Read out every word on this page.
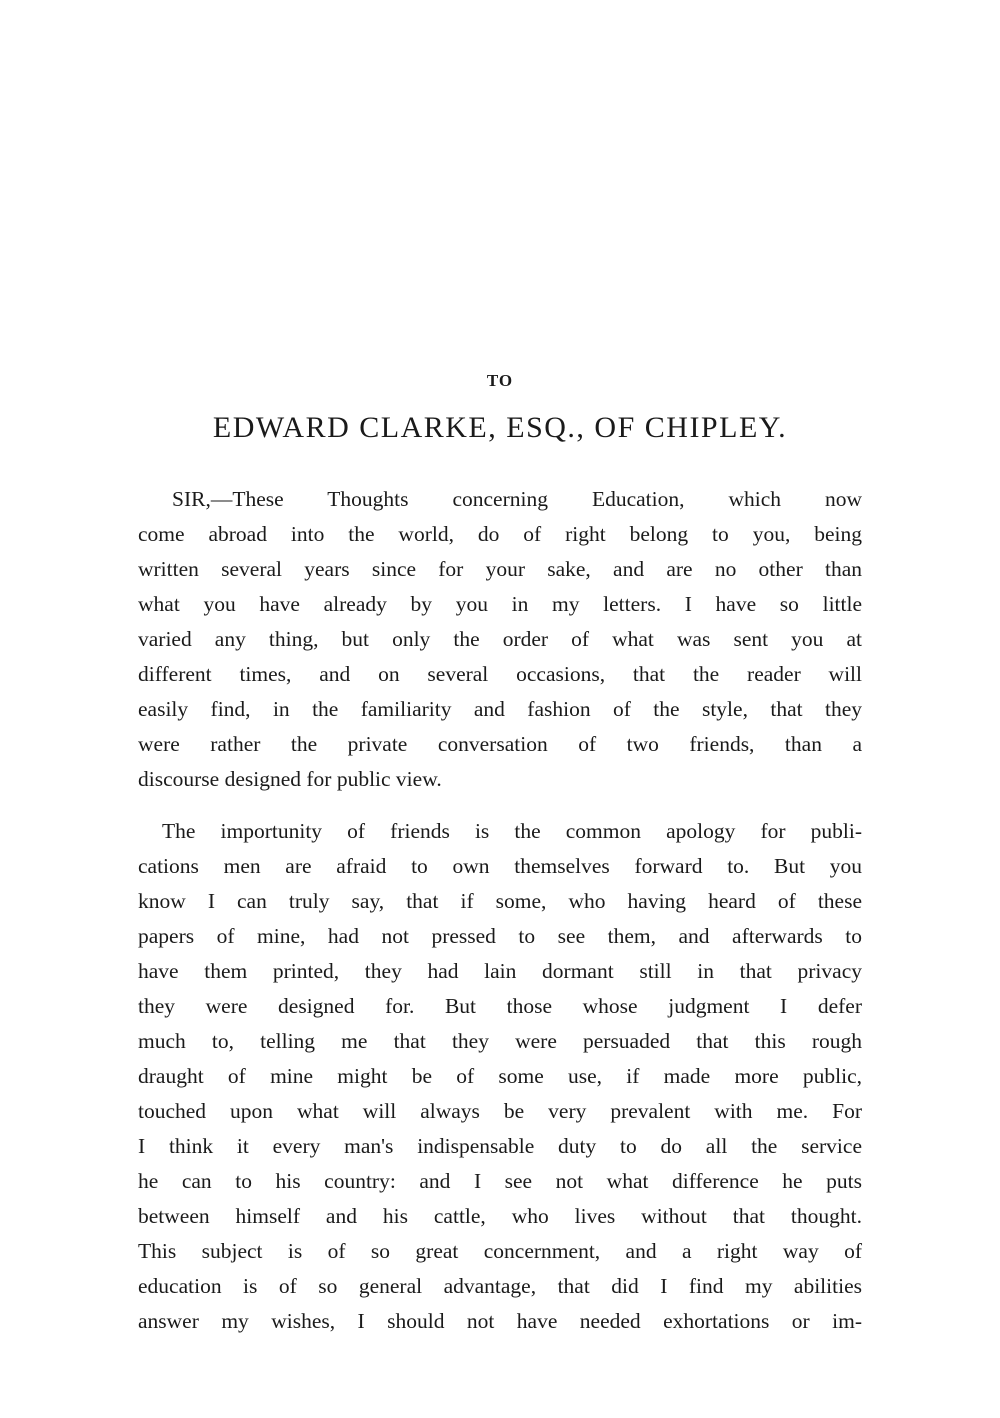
TO
EDWARD CLARKE, ESQ., OF CHIPLEY.
SIR,—These Thoughts concerning Education, which now
come abroad into the world, do of right belong to you, being
written several years since for your sake, and are no other than
what you have already by you in my letters. I have so little
varied any thing, but only the order of what was sent you at
different times, and on several occasions, that the reader will
easily find, in the familiarity and fashion of the style, that they
were rather the private conversation of two friends, than a
discourse designed for public view.
The importunity of friends is the common apology for publi-
cations men are afraid to own themselves forward to. But you
know I can truly say, that if some, who having heard of these
papers of mine, had not pressed to see them, and afterwards to
have them printed, they had lain dormant still in that privacy
they were designed for. But those whose judgment I defer
much to, telling me that they were persuaded that this rough
draught of mine might be of some use, if made more public,
touched upon what will always be very prevalent with me. For
I think it every man's indispensable duty to do all the service
he can to his country: and I see not what difference he puts
between himself and his cattle, who lives without that thought.
This subject is of so great concernment, and a right way of
education is of so general advantage, that did I find my abilities
answer my wishes, I should not have needed exhortations or im-
